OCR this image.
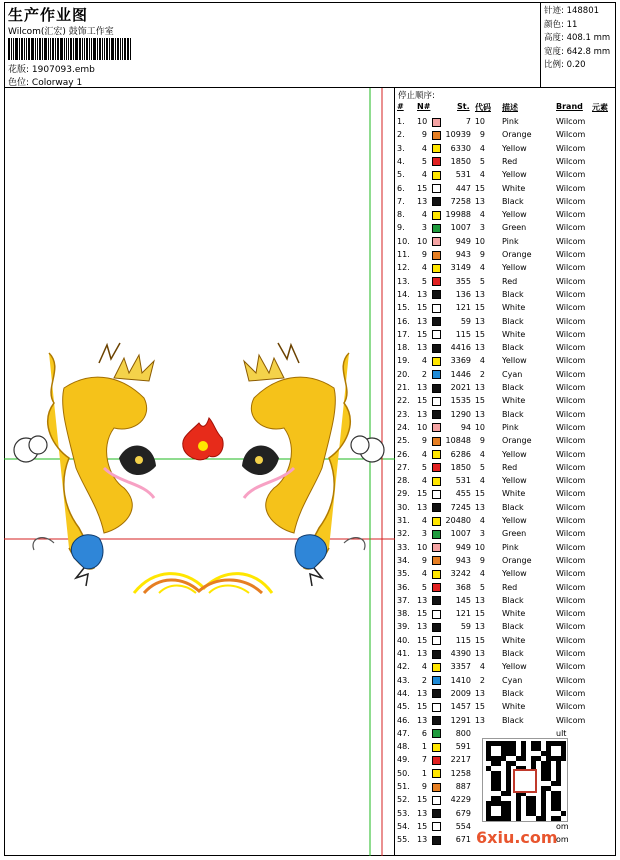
生产作业图
Wilcom(汇宏) 鼓饰工作室
花版: 1907093.emb
色位: Colorway 1
针迹: 148801
颜色: 11
高度: 408.1 mm
宽度: 642.8 mm
比例: 0.20
停止顺序:
# N#	St. 代码 描述	Brand 元素
1. 10	7 10 Pink	Wilcom
2.	9	10939	9 Orange	Wilcom
3.	4	6330	4 Yellow	Wilcom
4.	5	1850	5 Red	Wilcom
5.	4	531	4 Yellow	Wilcom
6. 15	447 15 White	Wilcom
7. 13	7258 13 Black	Wilcom
8.	4	19988	4 Yellow	Wilcom
9.	3	1007	3 Green	Wilcom
10. 10	949 10 Pink	Wilcom
11.	9	943	9 Orange	Wilcom
12.	4	3149	4 Yellow	Wilcom
13.	5	355	5 Red	Wilcom
14. 13	136 13 Black	Wilcom
15. 15	121 15 White	Wilcom
16. 13	59 13 Black	Wilcom
17. 15	115 15 White	Wilcom
18. 13	4416 13 Black	Wilcom
19.	4	3369	4 Yellow	Wilcom
20.	2	1446	2 Cyan	Wilcom
21. 13	2021 13 Black	Wilcom
22. 15	1535 15 White	Wilcom
23. 13	1290 13 Black	Wilcom
24. 10	94 10 Pink	Wilcom
25.	9	10848	9 Orange	Wilcom
26.	4	6286	4 Yellow	Wilcom
27.	5	1850	5 Red	Wilcom
28.	4	531	4 Yellow	Wilcom
29. 15	455 15 White	Wilcom
30. 13	7245 13 Black	Wilcom
31.	4	20480	4 Yellow	Wilcom
32.	3	1007	3 Green	Wilcom
33. 10	949 10 Pink	Wilcom
34.	9	943	9 Orange	Wilcom
35.	4	3242	4 Yellow	Wilcom
36.	5	368	5 Red	Wilcom
37. 13	145 13 Black	Wilcom
38. 15	121 15 White	Wilcom
39. 13	59 13 Black	Wilcom
40. 15	115 15 White	Wilcom
41. 13	4390 13 Black	Wilcom
42.	4	3357	4 Yellow	Wilcom
43.	2	1410	2 Cyan	Wilcom
44. 13	2009 13 Black	Wilcom
45. 15	1457 15 White	Wilcom
46. 13	1291 13 Black	Wilcom
47.	6	800	ult
48.	1	591
49.	7	2217
50.	1	1258
51.	9	887
52. 15	4229
53. 13	679
54. 15	554	om
55. 13	671	om
6xiu.com
